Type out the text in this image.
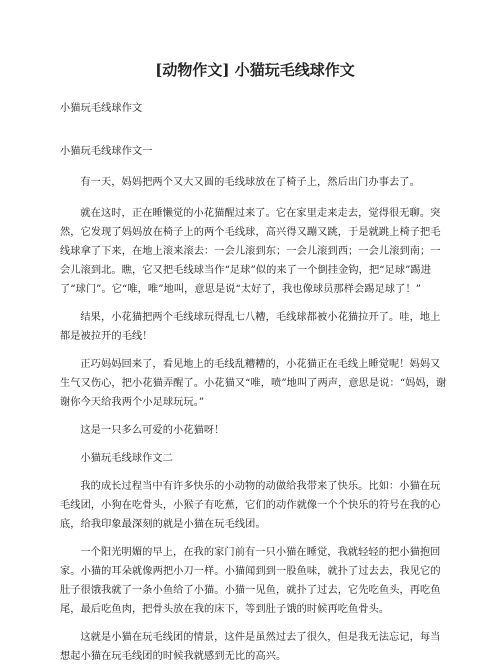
[动物作文] 小猫玩毛线球作文

小猫玩毛线球作文

小猫玩毛线球作文一

有一天，妈妈把两个又大又圆的毛线球放在了椅子上，然后出门办事去了。

就在这时，正在睡懒觉的小花猫醒过来了。它在家里走来走去，觉得很无聊。突然，它发现了妈妈放在椅子上的两个毛线球，高兴得又蹦又跳，于是就跳上椅子把毛线球拿了下来，在地上滚来滚去：一会儿滚到东；一会儿滚到西；一会儿滚到南；一会儿滚到北。瞧，它又把毛线球当作“足球”似的来了一个倒挂金钩，把“足球”踢进了“球门”。它“唯，唯”地叫，意思是说“太好了，我也像球员那样会踢足球了！”

结果，小花猫把两个毛线球玩得乱七八糟，毛线球都被小花猫拉开了。哇，地上都是被拉开的毛线！

正巧妈妈回来了，看见地上的毛线乱糟糟的，小花猫正在毛线上睡觉呢！妈妈又生气又伤心，把小花猫弄醒了。小花猫又“唯，喷”地叫了两声，意思是说：“妈妈，谢谢你今天给我两个小足球玩玩。”

这是一只多么可爱的小花猫呀！

小猫玩毛线球作文二

我的成长过程当中有许多快乐的小动物的动做给我带来了快乐。比如：小猫在玩毛线团，小狗在吃骨头，小猴子有吃蕉，它们的动作就像一个个快乐的符号在我的心底，给我印象最深刻的就是小猫在玩毛线团。

一个阳光明媚的早上，在我的家门前有一只小猫在睡觉，我就轻轻的把小猫抱回家。小猫的耳朵就像两把小刀一样。小猫闻到到一股鱼味，就扑了过去去，我见它的肚子很饿我就了一条小鱼给了小猫。小猫一见鱼，就扑了过去，它先吃鱼头，再吃鱼尾，最后吃鱼肉，把骨头放在我的床下，等到肚子饿的时候再吃鱼骨头。

这就是小猫在玩毛线团的情景，这件是虽然过去了很久，但是我无法忘记，每当想起小猫在玩毛线团的时候我就感到无比的高兴。
